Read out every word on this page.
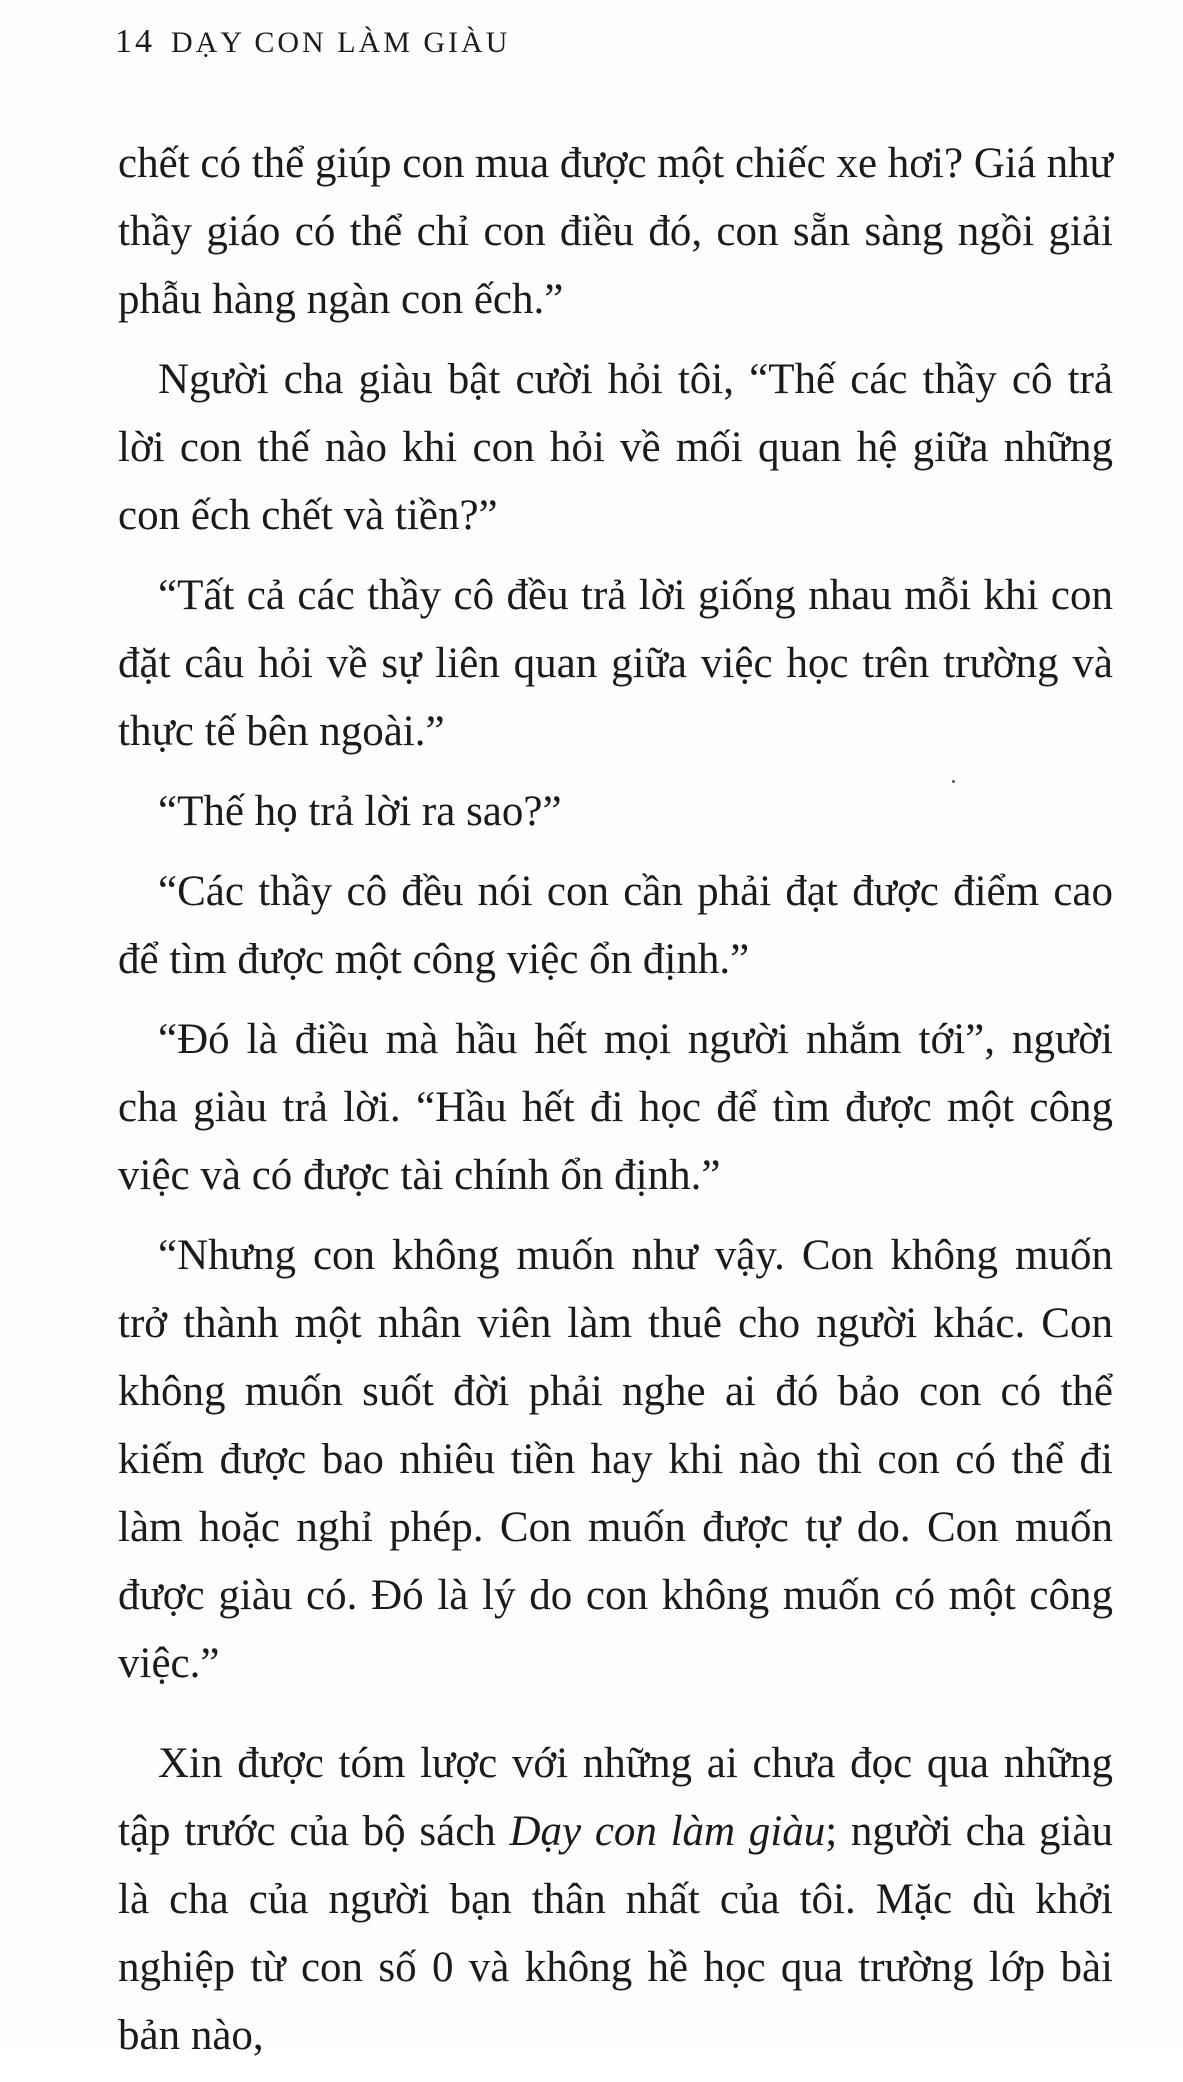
14 DẠY CON LÀM GIÀU

chết có thể giúp con mua được một chiếc xe hơi? Giá như thầy giáo có thể chỉ con điều đó, con sẵn sàng ngồi giải phẫu hàng ngàn con ếch.”

Người cha giàu bật cười hỏi tôi, “Thế các thầy cô trả lời con thế nào khi con hỏi về mối quan hệ giữa những con ếch chết và tiền?”

“Tất cả các thầy cô đều trả lời giống nhau mỗi khi con đặt câu hỏi về sự liên quan giữa việc học trên trường và thực tế bên ngoài.”

“Thế họ trả lời ra sao?”

“Các thầy cô đều nói con cần phải đạt được điểm cao để tìm được một công việc ổn định.”

“Đó là điều mà hầu hết mọi người nhắm tới”, người cha giàu trả lời. “Hầu hết đi học để tìm được một công việc và có được tài chính ổn định.”

“Nhưng con không muốn như vậy. Con không muốn trở thành một nhân viên làm thuê cho người khác. Con không muốn suốt đời phải nghe ai đó bảo con có thể kiếm được bao nhiêu tiền hay khi nào thì con có thể đi làm hoặc nghỉ phép. Con muốn được tự do. Con muốn được giàu có. Đó là lý do con không muốn có một công việc.”

Xin được tóm lược với những ai chưa đọc qua những tập trước của bộ sách Dạy con làm giàu; người cha giàu là cha của người bạn thân nhất của tôi. Mặc dù khởi nghiệp từ con số 0 và không hề học qua trường lớp bài bản nào,
